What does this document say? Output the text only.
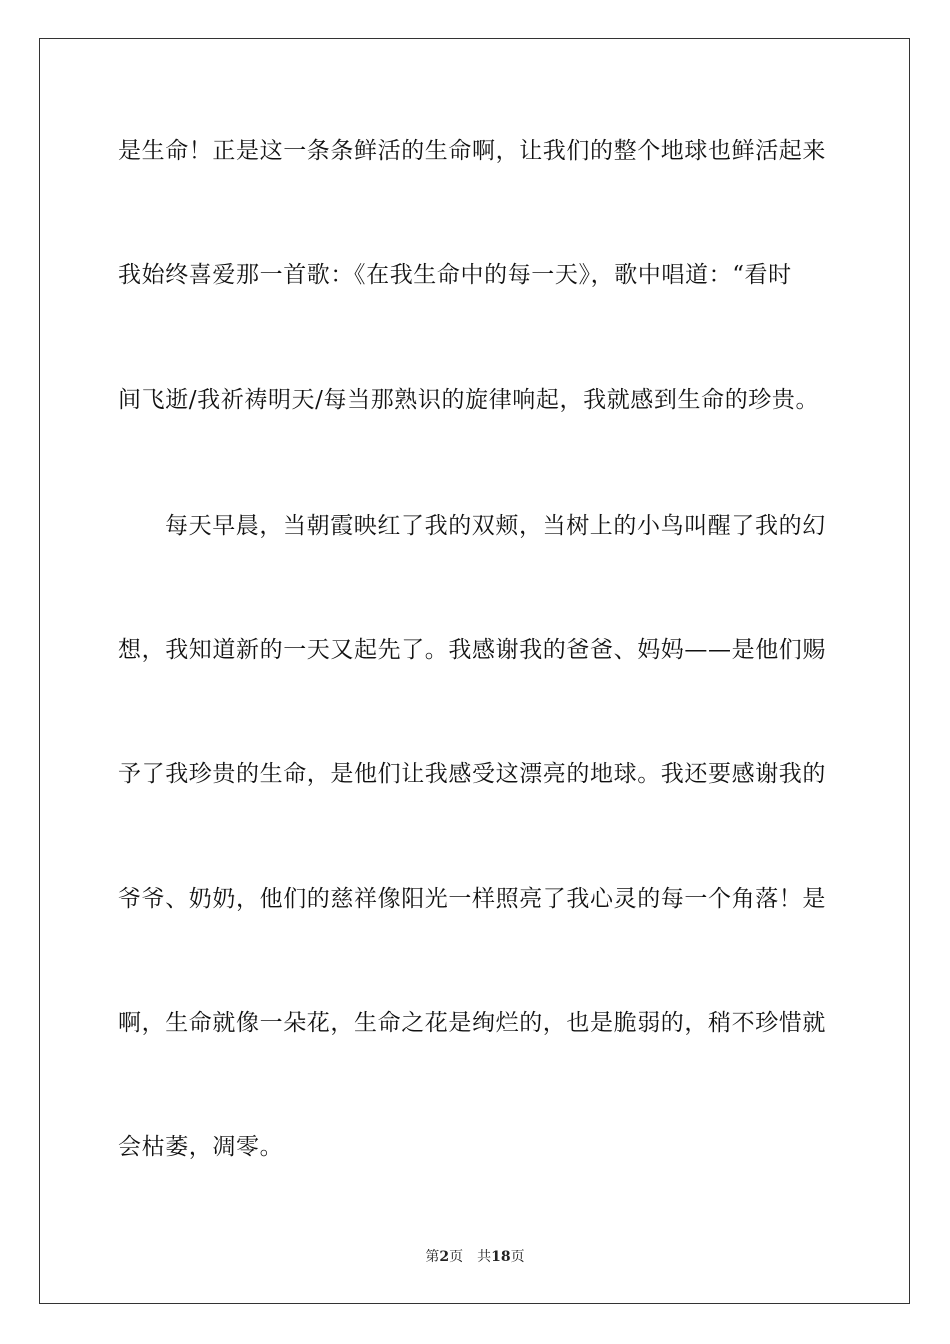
是生命！正是这一条条鲜活的生命啊，让我们的整个地球也鲜活起来
我始终喜爱那一首歌：《在我生命中的每一天》，歌中唱道：“看时
间飞逝/我祈祷明天/每当那熟识的旋律响起，我就感到生命的珍贵。
每天早晨，当朝霞映红了我的双颊，当树上的小鸟叫醒了我的幻
想，我知道新的一天又起先了。我感谢我的爸爸、妈妈——是他们赐
予了我珍贵的生命，是他们让我感受这漂亮的地球。我还要感谢我的
爷爷、奶奶，他们的慈祥像阳光一样照亮了我心灵的每一个角落！是
啊，生命就像一朵花，生命之花是绚烂的，也是脆弱的，稍不珍惜就
会枯萎，凋零。
第2页 共18页
